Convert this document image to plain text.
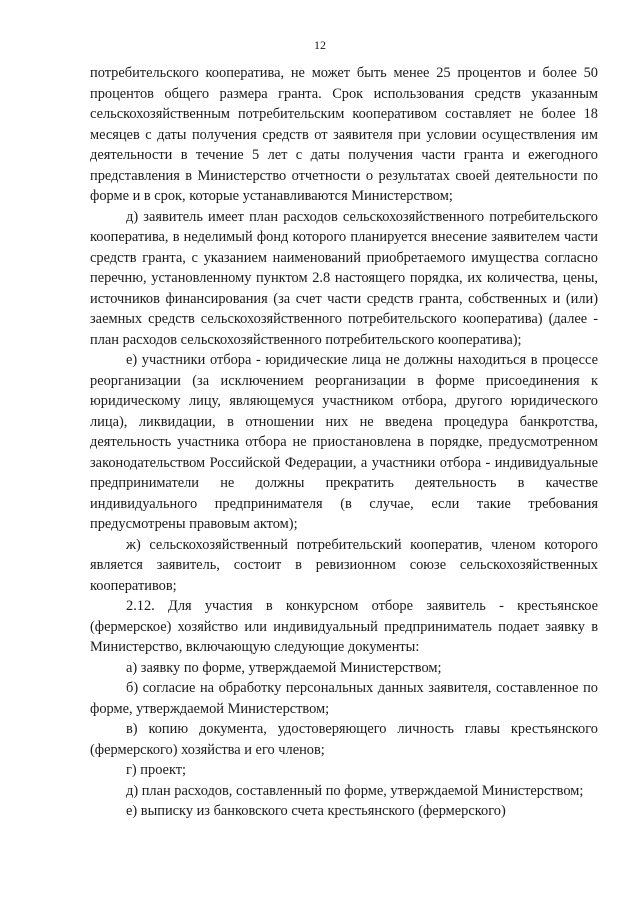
12

потребительского кооператива, не может быть менее 25 процентов и более 50 процентов общего размера гранта. Срок использования средств указанным сельскохозяйственным потребительским кооперативом составляет не более 18 месяцев с даты получения средств от заявителя при условии осуществления им деятельности в течение 5 лет с даты получения части гранта и ежегодного представления в Министерство отчетности о результатах своей деятельности по форме и в срок, которые устанавливаются Министерством;

д) заявитель имеет план расходов сельскохозяйственного потребительского кооператива, в неделимый фонд которого планируется внесение заявителем части средств гранта, с указанием наименований приобретаемого имущества согласно перечню, установленному пунктом 2.8 настоящего порядка, их количества, цены, источников финансирования (за счет части средств гранта, собственных и (или) заемных средств сельскохозяйственного потребительского кооператива) (далее - план расходов сельскохозяйственного потребительского кооператива);

е) участники отбора - юридические лица не должны находиться в процессе реорганизации (за исключением реорганизации в форме присоединения к юридическому лицу, являющемуся участником отбора, другого юридического лица), ликвидации, в отношении них не введена процедура банкротства, деятельность участника отбора не приостановлена в порядке, предусмотренном законодательством Российской Федерации, а участники отбора - индивидуальные предприниматели не должны прекратить деятельность в качестве индивидуального предпринимателя (в случае, если такие требования предусмотрены правовым актом);

ж) сельскохозяйственный потребительский кооператив, членом которого является заявитель, состоит в ревизионном союзе сельскохозяйственных кооперативов;

2.12. Для участия в конкурсном отборе заявитель - крестьянское (фермерское) хозяйство или индивидуальный предприниматель подает заявку в Министерство, включающую следующие документы:

а) заявку по форме, утверждаемой Министерством;

б) согласие на обработку персональных данных заявителя, составленное по форме, утверждаемой Министерством;

в) копию документа, удостоверяющего личность главы крестьянского (фермерского) хозяйства и его членов;

г) проект;

д) план расходов, составленный по форме, утверждаемой Министерством;

е) выписку из банковского счета крестьянского (фермерского)
